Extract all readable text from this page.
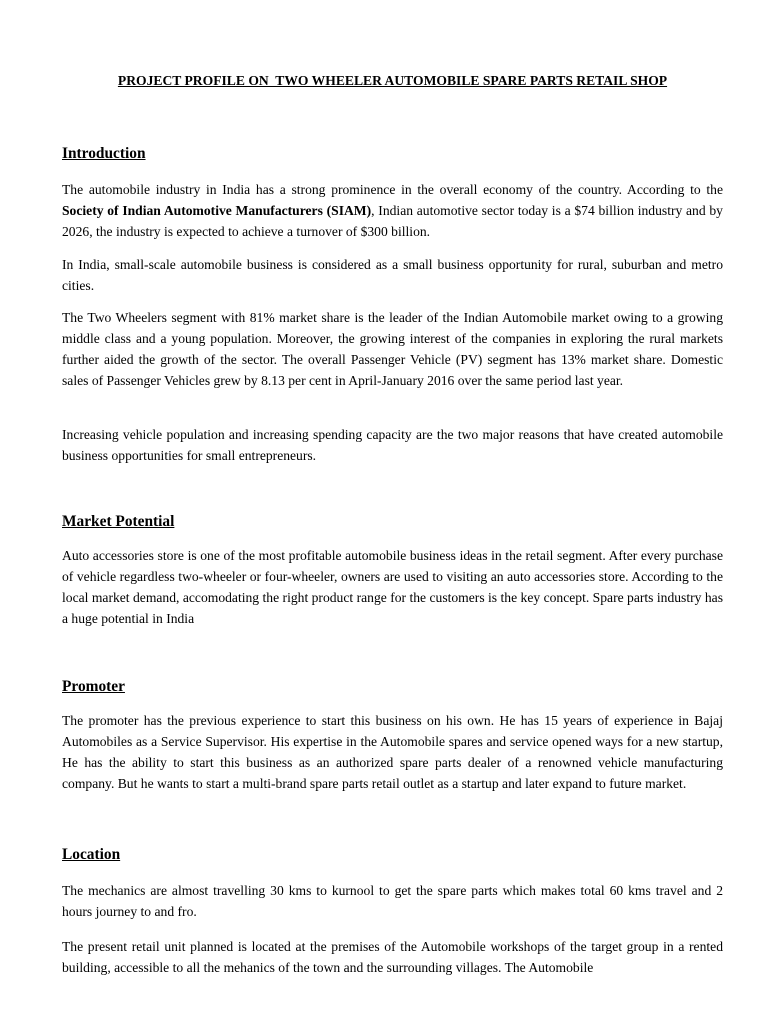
PROJECT PROFILE ON  TWO WHEELER AUTOMOBILE SPARE PARTS RETAIL SHOP
Introduction
The automobile industry in India has a strong prominence in the overall economy of the country. According to the Society of Indian Automotive Manufacturers (SIAM), Indian automotive sector today is a $74 billion industry and by 2026, the industry is expected to achieve a turnover of $300 billion.
In India, small-scale automobile business is considered as a small business opportunity for rural, suburban and metro cities.
The Two Wheelers segment with 81% market share is the leader of the Indian Automobile market owing to a growing middle class and a young population. Moreover, the growing interest of the companies in exploring the rural markets further aided the growth of the sector. The overall Passenger Vehicle (PV) segment has 13% market share. Domestic sales of Passenger Vehicles grew by 8.13 per cent in April-January 2016 over the same period last year.
Increasing vehicle population and increasing spending capacity are the two major reasons that have created automobile business opportunities for small entrepreneurs.
Market Potential
Auto accessories store is one of the most profitable automobile business ideas in the retail segment. After every purchase of vehicle regardless two-wheeler or four-wheeler, owners are used to visiting an auto accessories store. According to the local market demand, accomodating the right product range for the customers is the key concept. Spare parts industry has a huge potential in India
Promoter
The promoter has the previous experience to start this business on his own. He has 15 years of experience in Bajaj Automobiles as a Service Supervisor. His expertise in the Automobile spares and service opened ways for a new startup, He has the ability to start this business as an authorized spare parts dealer of a renowned vehicle manufacturing company. But he wants to start a multi-brand spare parts retail outlet as a startup and later expand to future market.
Location
The mechanics are almost travelling 30 kms to kurnool to get the spare parts which makes total 60 kms travel and 2 hours journey to and fro.
The present retail unit planned is located at the premises of the Automobile workshops of the target group in a rented building, accessible to all the mehanics of the town and the surrounding villages. The Automobile
